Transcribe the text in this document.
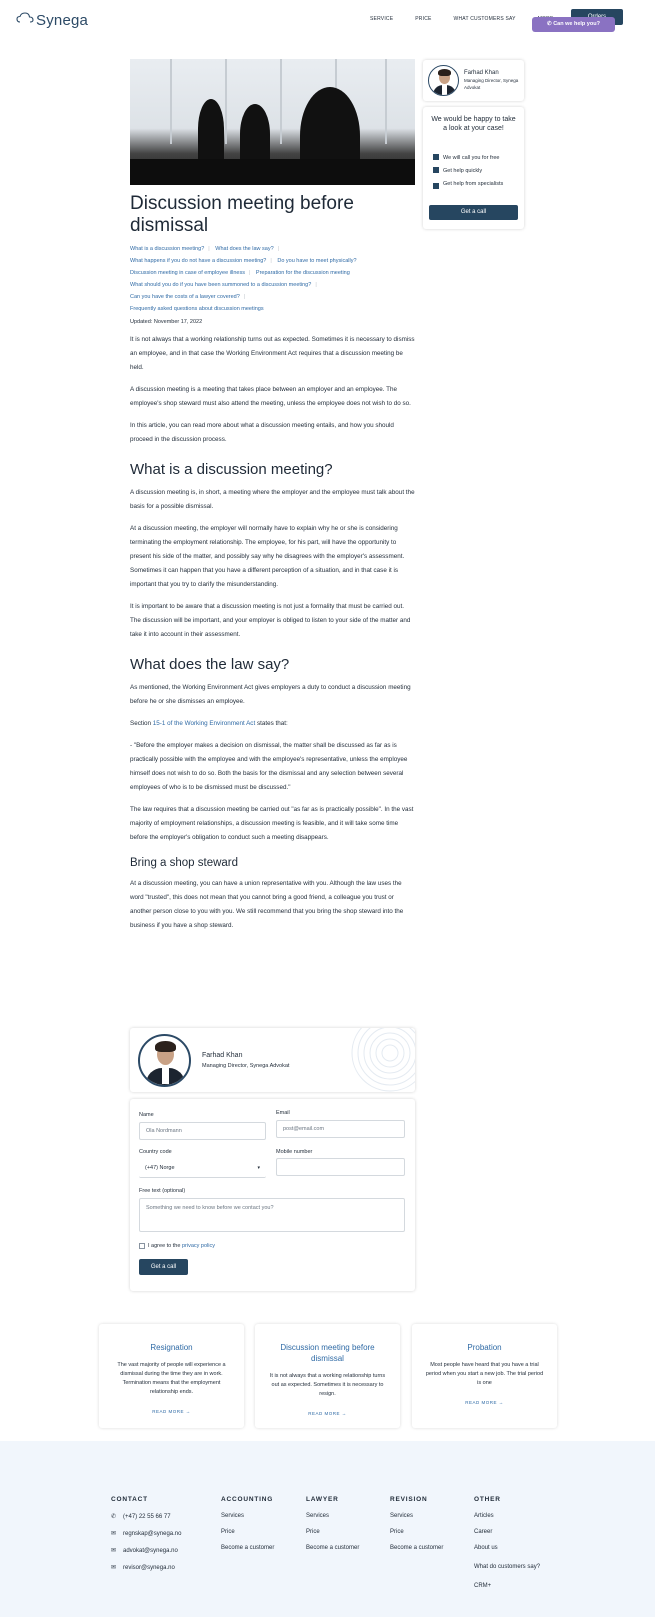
Synega	SERVICE	PRICE	WHAT CUSTOMERS SAY
✆ Can we help you?
Farhad Khan
Managing Director, Synega Advokat
We would be happy to take a look at your case!
We will call you for free
Get help quickly
Get help from specialists
Get a call
Discussion meeting before dismissal
What is a discussion meeting? | What does the law say? |
What happens if you do not have a discussion meeting? | Do you have to meet physically?
Discussion meeting in case of employee illness | Preparation for the discussion meeting
What should you do if you have been summoned to a discussion meeting? |
Can you have the costs of a lawyer covered? |
Frequently asked questions about discussion meetings
Updated: November 17, 2022

It is not always that a working relationship turns out as expected. Sometimes it is necessary to dismiss an employee, and in that case the Working Environment Act requires that a discussion meeting be held.

A discussion meeting is a meeting that takes place between an employer and an employee. The employee's shop steward must also attend the meeting, unless the employee does not wish to do so.

In this article, you can read more about what a discussion meeting entails, and how you should proceed in the discussion process.

What is a discussion meeting?

A discussion meeting is, in short, a meeting where the employer and the employee must talk about the basis for a possible dismissal.

At a discussion meeting, the employer will normally have to explain why he or she is considering terminating the employment relationship. The employee, for his part, will have the opportunity to present his side of the matter, and possibly say why he disagrees with the employer's assessment. Sometimes it can happen that you have a different perception of a situation, and in that case it is important that you try to clarify the misunderstanding.

It is important to be aware that a discussion meeting is not just a formality that must be carried out. The discussion will be important, and your employer is obliged to listen to your side of the matter and take it into account in their assessment.

What does the law say?

As mentioned, the Working Environment Act gives employers a duty to conduct a discussion meeting before he or she dismisses an employee.

Section 15-1 of the Working Environment Act states that:

- "Before the employer makes a decision on dismissal, the matter shall be discussed as far as is practically possible with the employee and with the employee's representative, unless the employee himself does not wish to do so. Both the basis for the dismissal and any selection between several employees of who is to be dismissed must be discussed."

The law requires that a discussion meeting be carried out "as far as is practically possible". In the vast majority of employment relationships, a discussion meeting is feasible, and it will take some time before the employer's obligation to conduct such a meeting disappears.

Bring a shop steward

At a discussion meeting, you can have a union representative with you. Although the law uses the word "trusted", this does not mean that you cannot bring a good friend, a colleague you trust or another person close to you with you. We still recommend that you bring the shop steward into the business if you have a shop steward.

Farhad Khan
Managing Director, Synega Advokat
Name
Ola Nordmann
Email
post@email.com
Country code
(+47) Norge	▾
Mobile number
Free text (optional)
Something we need to know before we contact you?
I agree to the privacy policy
Get a call
Resignation
The vast majority of people will experience a dismissal during the time they are in work. Termination means that the employment relationship ends.
READ MORE →
Discussion meeting before dismissal
It is not always that a working relationship turns out as expected. Sometimes it is necessary to resign.
READ MORE →
Probation
Most people have heard that you have a trial period when you start a new job. The trial period is one
READ MORE →
CONTACT
✆ (+47) 22 55 66 77
✉ regnskap@synega.no
✉ advokat@synega.no
✉ revisor@synega.no
ACCOUNTING
Services
Price
Become a customer
LAWYER
Services
Price
Become a customer
REVISION
Services
Price
Become a customer
OTHER
Articles
Career
About us
What do customers say?
CRM+
